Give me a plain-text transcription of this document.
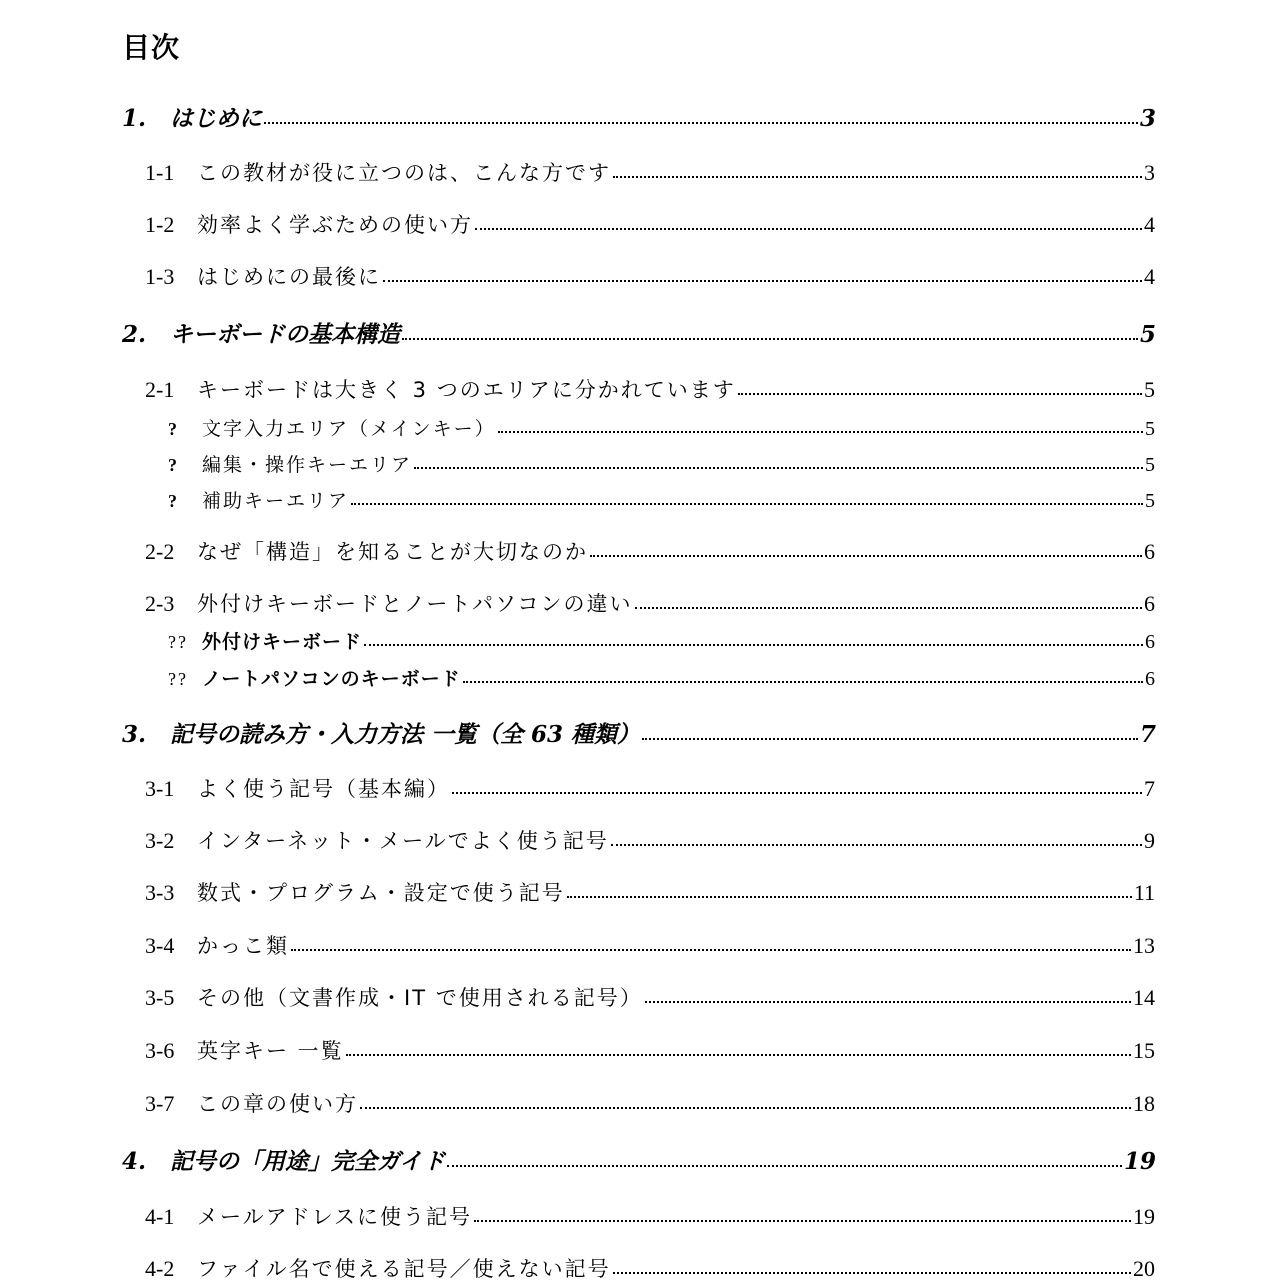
目次
1.	はじめに	3
1-1	この教材が役に立つのは、こんな方です	3
1-2	効率よく学ぶための使い方	4
1-3	はじめにの最後に	4
2.	キーボードの基本構造	5
2-1	キーボードは大きく 3 つのエリアに分かれています	5
?	文字入力エリア（メインキー）	5
?	編集・操作キーエリア	5
?	補助キーエリア	5
2-2	なぜ「構造」を知ることが大切なのか	6
2-3	外付けキーボードとノートパソコンの違い	6
?? 外付けキーボード	6
?? ノートパソコンのキーボード	6
3.	記号の読み方・入力方法 一覧（全 63 種類）	7
3-1	よく使う記号（基本編）	7
3-2	インターネット・メールでよく使う記号	9
3-3	数式・プログラム・設定で使う記号	11
3-4	かっこ類	13
3-5	その他（文書作成・IT で使用される記号）	14
3-6	英字キー 一覧	15
3-7	この章の使い方	18
4.	記号の「用途」完全ガイド	19
4-1	メールアドレスに使う記号	19
4-2	ファイル名で使える記号／使えない記号	20
